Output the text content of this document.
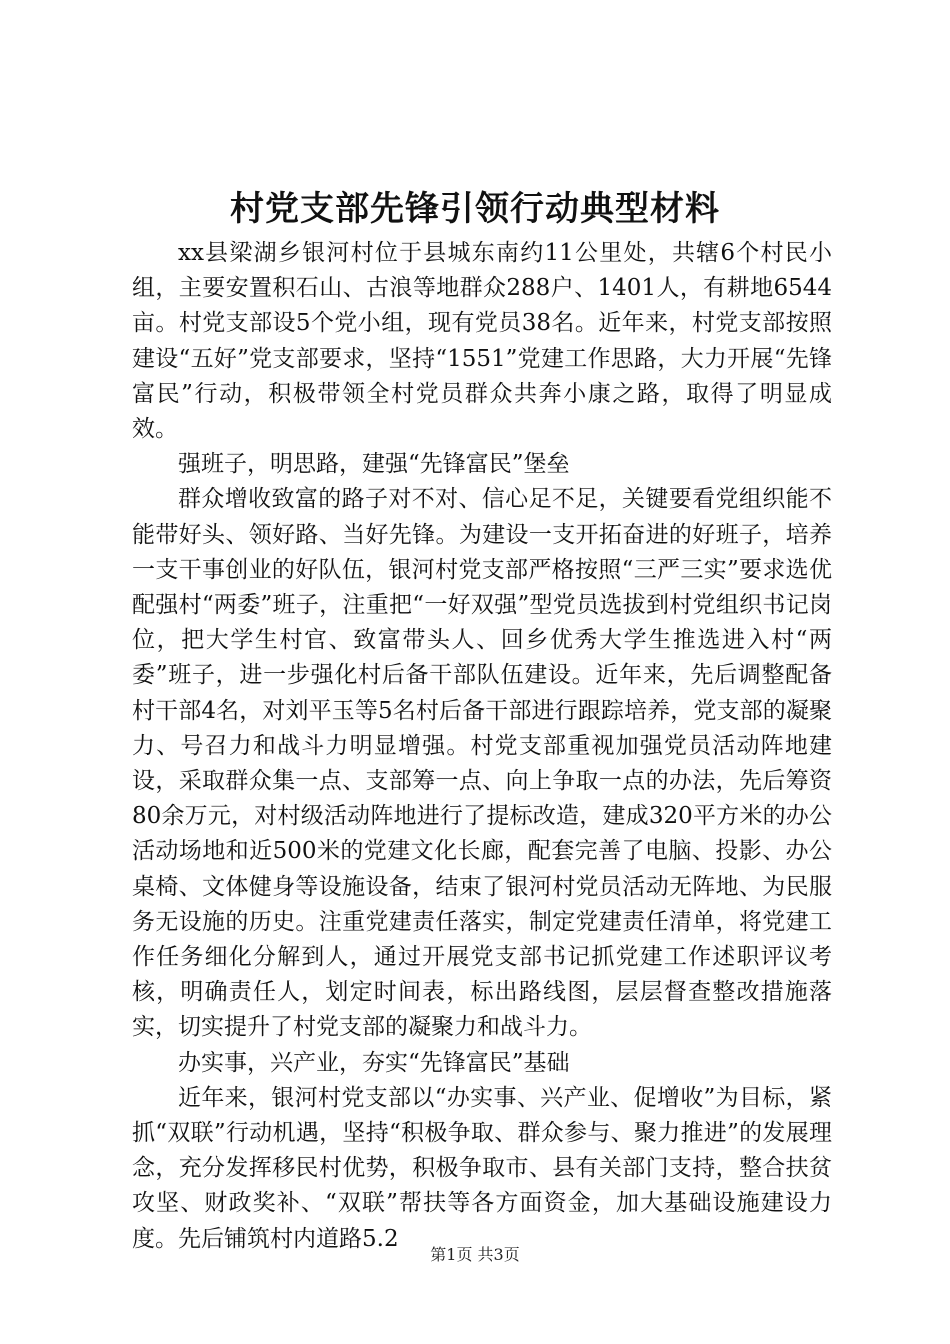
村党支部先锋引领行动典型材料

xx县梁湖乡银河村位于县城东南约11公里处，共辖6个村民小组，主要安置积石山、古浪等地群众288户、1401人，有耕地6544亩。村党支部设5个党小组，现有党员38名。近年来，村党支部按照建设“五好”党支部要求，坚持“1551”党建工作思路，大力开展“先锋富民”行动，积极带领全村党员群众共奔小康之路，取得了明显成效。

强班子，明思路，建强“先锋富民”堡垒

群众增收致富的路子对不对、信心足不足，关键要看党组织能不能带好头、领好路、当好先锋。为建设一支开拓奋进的好班子，培养一支干事创业的好队伍，银河村党支部严格按照“三严三实”要求选优配强村“两委”班子，注重把“一好双强”型党员选拔到村党组织书记岗位，把大学生村官、致富带头人、回乡优秀大学生推选进入村“两委”班子，进一步强化村后备干部队伍建设。近年来，先后调整配备村干部4名，对刘平玉等5名村后备干部进行跟踪培养，党支部的凝聚力、号召力和战斗力明显增强。村党支部重视加强党员活动阵地建设，采取群众集一点、支部筹一点、向上争取一点的办法，先后筹资80余万元，对村级活动阵地进行了提标改造，建成320平方米的办公活动场地和近500米的党建文化长廊，配套完善了电脑、投影、办公桌椅、文体健身等设施设备，结束了银河村党员活动无阵地、为民服务无设施的历史。注重党建责任落实，制定党建责任清单，将党建工作任务细化分解到人，通过开展党支部书记抓党建工作述职评议考核，明确责任人，划定时间表，标出路线图，层层督查整改措施落实，切实提升了村党支部的凝聚力和战斗力。

办实事，兴产业，夯实“先锋富民”基础

近年来，银河村党支部以“办实事、兴产业、促增收”为目标，紧抓“双联”行动机遇，坚持“积极争取、群众参与、聚力推进”的发展理念，充分发挥移民村优势，积极争取市、县有关部门支持，整合扶贫攻坚、财政奖补、“双联”帮扶等各方面资金，加大基础设施建设力度。先后铺筑村内道路5.2

第1页 共3页
